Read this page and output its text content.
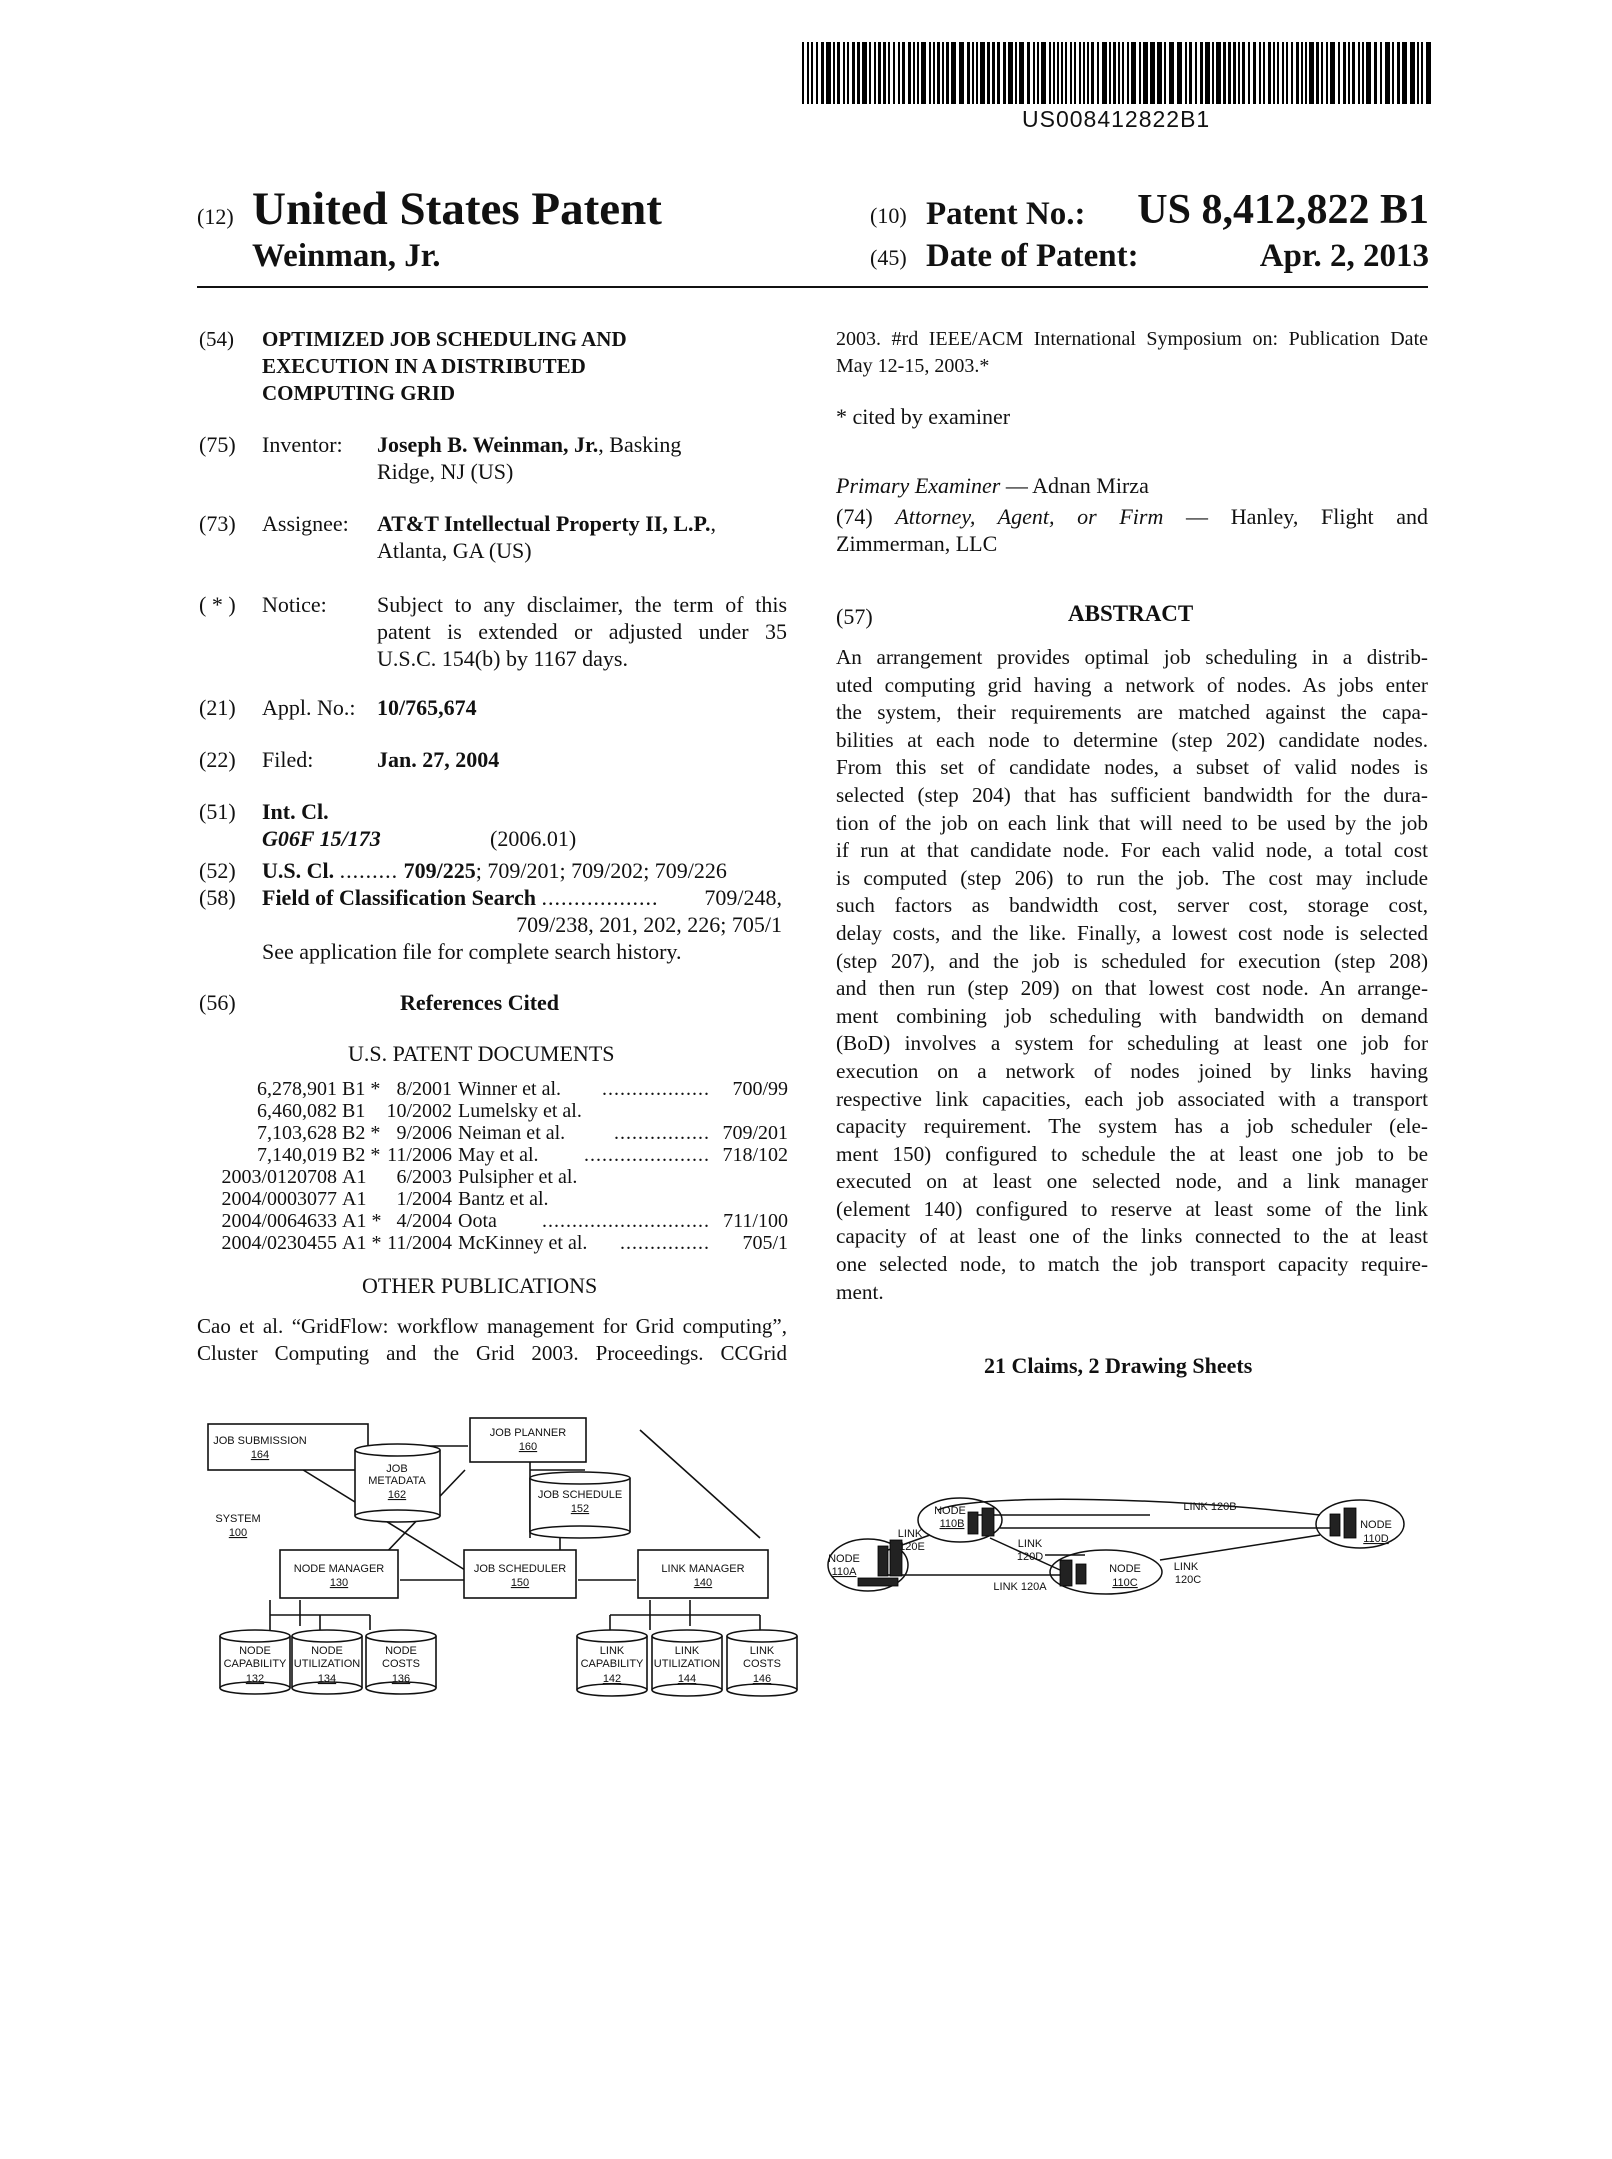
US008412822B1
(12) United States Patent
Weinman, Jr.
(10) Patent No.: US 8,412,822 B1
(45) Date of Patent:	Apr. 2, 2013
(54) OPTIMIZED JOB SCHEDULING AND
EXECUTION IN A DISTRIBUTED
COMPUTING GRID
(75) Inventor: Joseph B. Weinman, Jr., Basking
Ridge, NJ (US)
(73) Assignee: AT&T Intellectual Property II, L.P.,
Atlanta, GA (US)
( * ) Notice: Subject to any disclaimer, the term of this
patent is extended or adjusted under 35
U.S.C. 154(b) by 1167 days.
(21) Appl. No.: 10/765,674
(22) Filed:	Jan. 27, 2004
(51) Int. Cl.
G06F 15/173	(2006.01)
(52) U.S. Cl. ......... 709/225; 709/201; 709/202; 709/226
(58) Field of Classification Search .................. 709/248,
709/238, 201, 202, 226; 705/1
See application file for complete search history.
(56)	References Cited
U.S. PATENT DOCUMENTS
6,278,901 B1 * 8/2001 Winner et al. .................. 700/99
6,460,082 B1 10/2002 Lumelsky et al.
7,103,628 B2 * 9/2006 Neiman et al. ................ 709/201
7,140,019 B2 * 11/2006 May et al. ..................... 718/102
2003/0120708 A1 6/2003 Pulsipher et al.
2004/0003077 A1 1/2004 Bantz et al.
2004/0064633 A1 * 4/2004 Oota ............................ 711/100
2004/0230455 A1 * 11/2004 McKinney et al. ............... 705/1
OTHER PUBLICATIONS
Cao et al. “GridFlow: workflow management for Grid computing”,
Cluster Computing and the Grid 2003. Proceedings. CCGrid
2003. #rd IEEE/ACM International Symposium on: Publication Date
May 12-15, 2003.*
* cited by examiner
Primary Examiner — Adnan Mirza
(74) Attorney, Agent, or Firm — Hanley, Flight and
Zimmerman, LLC
(57)	ABSTRACT
An arrangement provides optimal job scheduling in a distrib-
uted computing grid having a network of nodes. As jobs enter
the system, their requirements are matched against the capa-
bilities at each node to determine (step 202) candidate nodes.
From this set of candidate nodes, a subset of valid nodes is
selected (step 204) that has sufficient bandwidth for the dura-
tion of the job on each link that will need to be used by the job
if run at that candidate node. For each valid node, a total cost
is computed (step 206) to run the job. The cost may include
such factors as bandwidth cost, server cost, storage cost,
delay costs, and the like. Finally, a lowest cost node is selected
(step 207), and the job is scheduled for execution (step 208)
and then run (step 209) on that lowest cost node. An arrange-
ment combining job scheduling with bandwidth on demand
(BoD) involves a system for scheduling at least one job for
execution on a network of nodes joined by links having
respective link capacities, each job associated with a transport
capacity requirement. The system has a job scheduler (ele-
ment 150) configured to schedule the at least one job to be
executed on at least one selected node, and a link manager
(element 140) configured to reserve at least some of the link
capacity of at least one of the links connected to the at least
one selected node, to match the job transport capacity require-
ment.
21 Claims, 2 Drawing Sheets
JOB SUBMISSION
164
JOB PLANNER
160
JOB
METADATA
162	JOB SCHEDULE
152
SYSTEM
100
NODE MANAGER
130
JOB SCHEDULER
150
LINK MANAGER
140
NODE
CAPABILITY
132
NODE
UTILIZATION
134
NODE
COSTS
136
LINK
CAPABILITY
142
LINK
UTILIZATION
144
LINK
COSTS
146
NODE
110A
NODE
110B
NODE
110C
NODE
110D
LINK 120A
LINK 120B
LINK
120C
LINK
120D
LINK
120E
